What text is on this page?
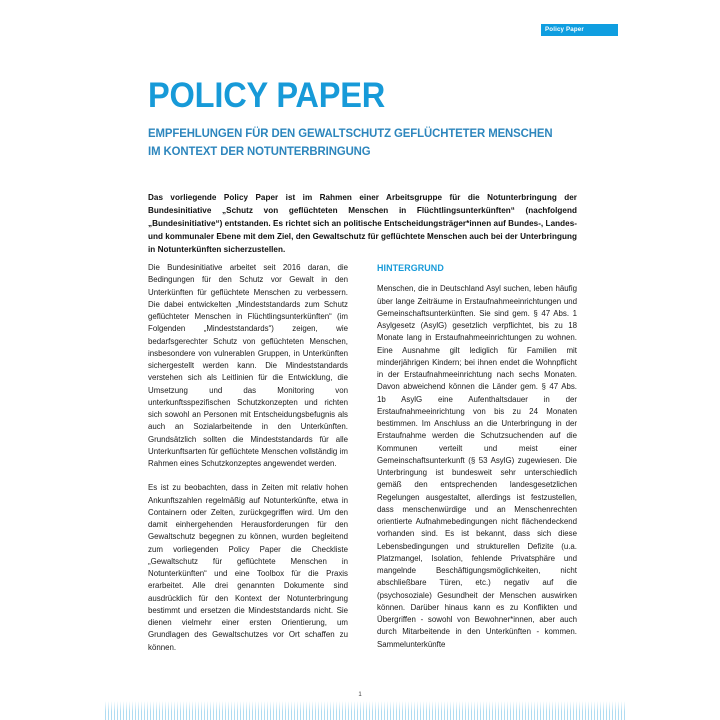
Policy Paper
POLICY PAPER
EMPFEHLUNGEN FÜR DEN GEWALTSCHUTZ GEFLÜCHTETER MENSCHEN
IM KONTEXT DER NOTUNTERBRINGUNG
Das vorliegende Policy Paper ist im Rahmen einer Arbeitsgruppe für die Notunterbringung der Bundesinitiative „Schutz von geflüchteten Menschen in Flüchtlingsunterkünften“ (nachfolgend „Bundesinitiative“) entstanden. Es richtet sich an politische Entscheidungsträger*innen auf Bundes-, Landes- und kommunaler Ebene mit dem Ziel, den Gewaltschutz für geflüchtete Menschen auch bei der Unterbringung in Notunterkünften sicherzustellen.

Die Bundesinitiative arbeitet seit 2016 daran, die Bedingungen für den Schutz vor Gewalt in den Unterkünften für geflüchtete Menschen zu verbessern. Die dabei entwickelten „Mindeststandards zum Schutz geflüchteter Menschen in Flüchtlingsunterkünften“ (im Folgenden „Mindeststandards“) zeigen, wie bedarfsgerechter Schutz von geflüchteten Menschen, insbesondere von vulnerablen Gruppen, in Unterkünften sichergestellt werden kann. Die Mindeststandards verstehen sich als Leitlinien für die Entwicklung, die Umsetzung und das Monitoring von unterkunftsspezifischen Schutzkonzepten und richten sich sowohl an Personen mit Entscheidungsbefugnis als auch an Sozialarbeitende in den Unterkünften. Grundsätzlich sollten die Mindeststandards für alle Unterkunftsarten für geflüchtete Menschen vollständig im Rahmen eines Schutzkonzeptes angewendet werden.

Es ist zu beobachten, dass in Zeiten mit relativ hohen Ankunftszahlen regelmäßig auf Notunterkünfte, etwa in Containern oder Zelten, zurückgegriffen wird. Um den damit einhergehenden Herausforderungen für den Gewaltschutz begegnen zu können, wurden begleitend zum vorliegenden Policy Paper die Checkliste „Gewaltschutz für geflüchtete Menschen in Notunterkünften“ und eine Toolbox für die Praxis erarbeitet. Alle drei genannten Dokumente sind ausdrücklich für den Kontext der Notunterbringung bestimmt und ersetzen die Mindeststandards nicht. Sie dienen vielmehr einer ersten Orientierung, um Grundlagen des Gewaltschutzes vor Ort schaffen zu können.

HINTERGRUND

Menschen, die in Deutschland Asyl suchen, leben häufig über lange Zeiträume in Erstaufnahmeeinrichtungen und Gemeinschaftsunterkünften. Sie sind gem. § 47 Abs. 1 Asylgesetz (AsylG) gesetzlich verpflichtet, bis zu 18 Monate lang in Erstaufnahmeeinrichtungen zu wohnen. Eine Ausnahme gilt lediglich für Familien mit minderjährigen Kindern; bei ihnen endet die Wohnpflicht in der Erstaufnahmeeinrichtung nach sechs Monaten. Davon abweichend können die Länder gem. § 47 Abs. 1b AsylG eine Aufenthaltsdauer in der Erstaufnahmeeinrichtung von bis zu 24 Monaten bestimmen. Im Anschluss an die Unterbringung in der Erstaufnahme werden die Schutzsuchenden auf die Kommunen verteilt und meist einer Gemeinschaftsunterkunft (§ 53 AsylG) zugewiesen. Die Unterbringung ist bundesweit sehr unterschiedlich gemäß den entsprechenden landesgesetzlichen Regelungen ausgestaltet, allerdings ist festzustellen, dass menschenwürdige und an Menschenrechten orientierte Aufnahmebedingungen nicht flächendeckend vorhanden sind. Es ist bekannt, dass sich diese Lebensbedingungen und strukturellen Defizite (u.a. Platzmangel, Isolation, fehlende Privatsphäre und mangelnde Beschäftigungsmöglichkeiten, nicht abschließbare Türen, etc.) negativ auf die (psychosoziale) Gesundheit der Menschen auswirken können. Darüber hinaus kann es zu Konflikten und Übergriffen - sowohl von Bewohner*innen, aber auch durch Mitarbeitende in den Unterkünften - kommen. Sammelunterkünfte

1
